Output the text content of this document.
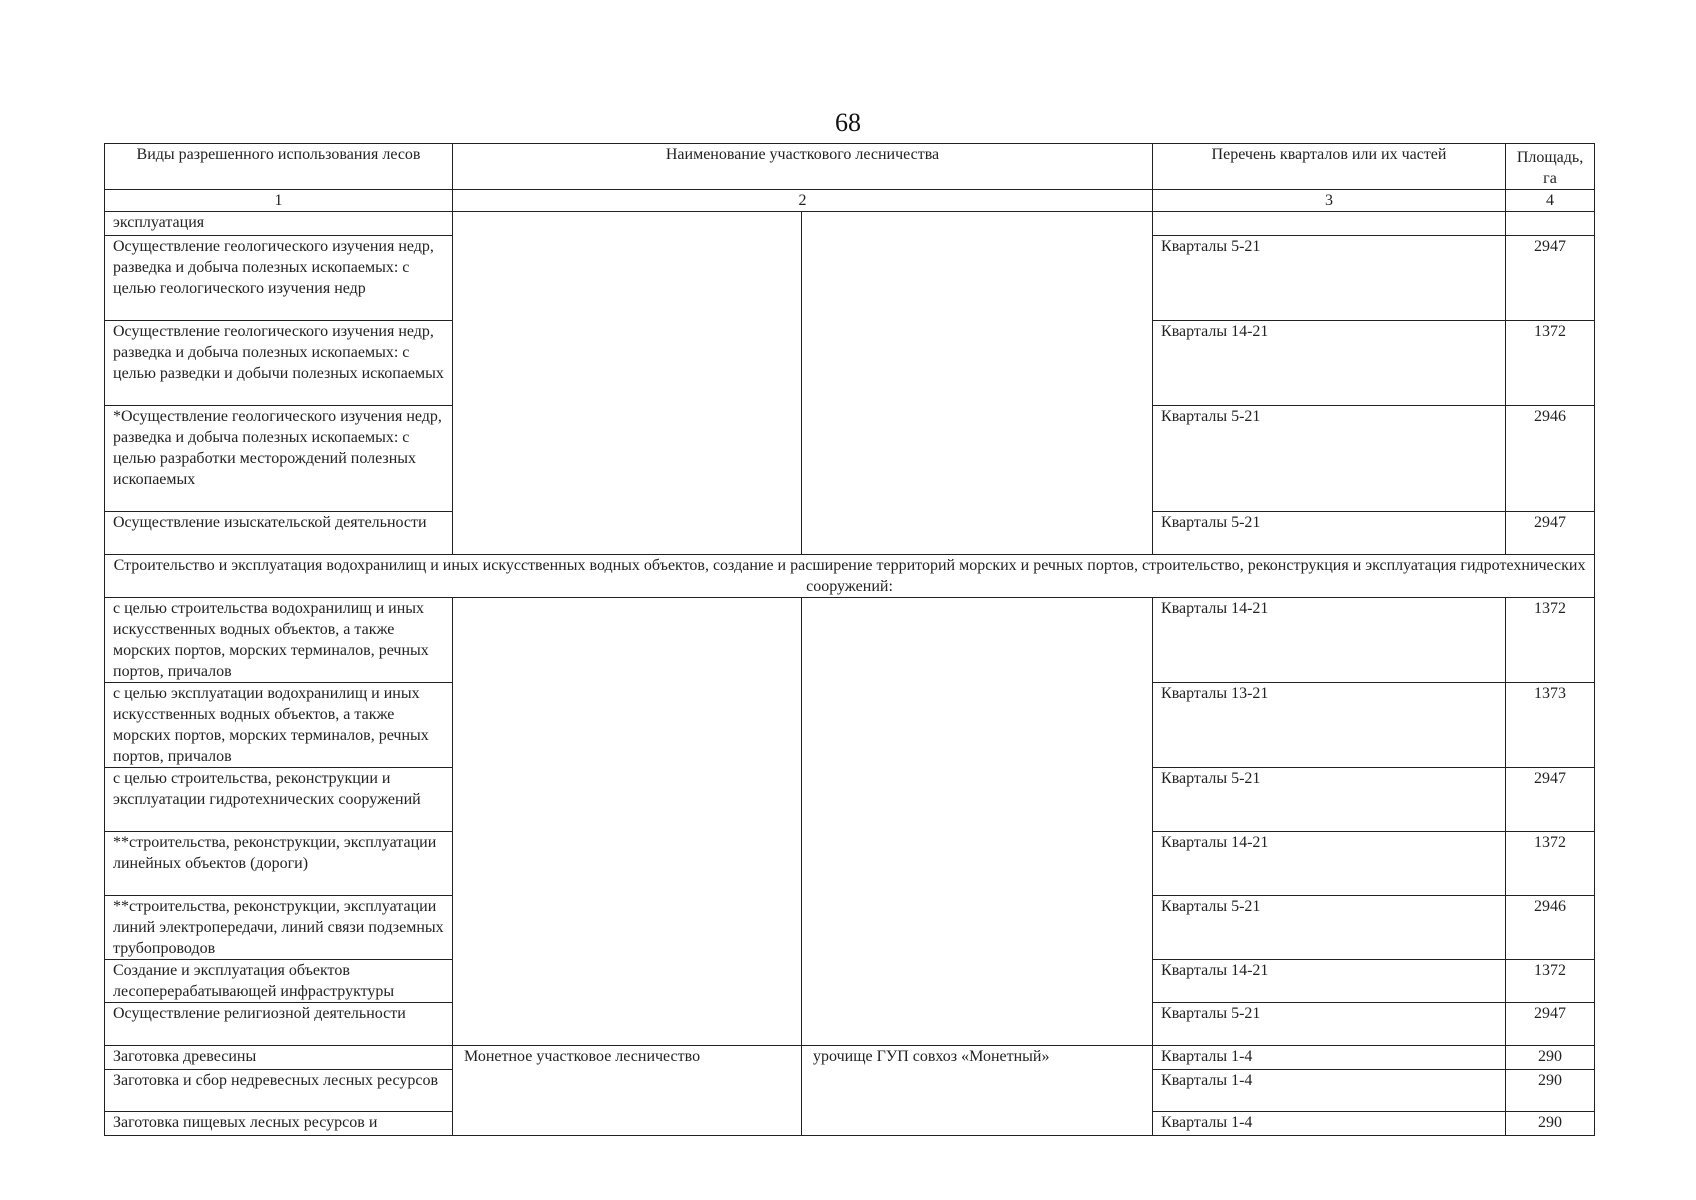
68
Виды разрешенного использования лесов	Наименование участкового лесничества		Перечень кварталов или их частей	Площадь, га
1	2		3	4
эксплуатация				
Осуществление геологического изучения недр, разведка и добыча полезных ископаемых: с целью геологического изучения недр			Кварталы 5-21	2947
Осуществление геологического изучения недр, разведка и добыча полезных ископаемых: с целью разведки и добычи полезных ископаемых			Кварталы 14-21	1372
*Осуществление геологического изучения недр, разведка и добыча полезных ископаемых: с целью разработки месторождений полезных ископаемых			Кварталы 5-21	2946
Осуществление изыскательской деятельности			Кварталы 5-21	2947
Строительство и эксплуатация водохранилищ и иных искусственных водных объектов, создание и расширение территорий морских и речных портов, строительство, реконструкция и эксплуатация гидротехнических сооружений:				
с целью строительства водохранилищ и иных искусственных водных объектов, а также морских портов, морских терминалов, речных портов, причалов			Кварталы 14-21	1372
с целью эксплуатации водохранилищ и иных искусственных водных объектов, а также морских портов, морских терминалов, речных портов, причалов			Кварталы 13-21	1373
с целью строительства, реконструкции и эксплуатации гидротехнических сооружений			Кварталы 5-21	2947
**строительства, реконструкции, эксплуатации линейных объектов (дороги)			Кварталы 14-21	1372
**строительства, реконструкции, эксплуатации линий электропередачи, линий связи подземных трубопроводов			Кварталы 5-21	2946
Создание и эксплуатация объектов лесоперерабатывающей инфраструктуры			Кварталы 14-21	1372
Осуществление религиозной деятельности			Кварталы 5-21	2947
Заготовка древесины	Монетное участковое лесничество	урочище ГУП совхоз «Монетный»	Кварталы 1-4	290
Заготовка и сбор недревесных лесных ресурсов			Кварталы 1-4	290
Заготовка пищевых лесных ресурсов и			Кварталы 1-4	290
